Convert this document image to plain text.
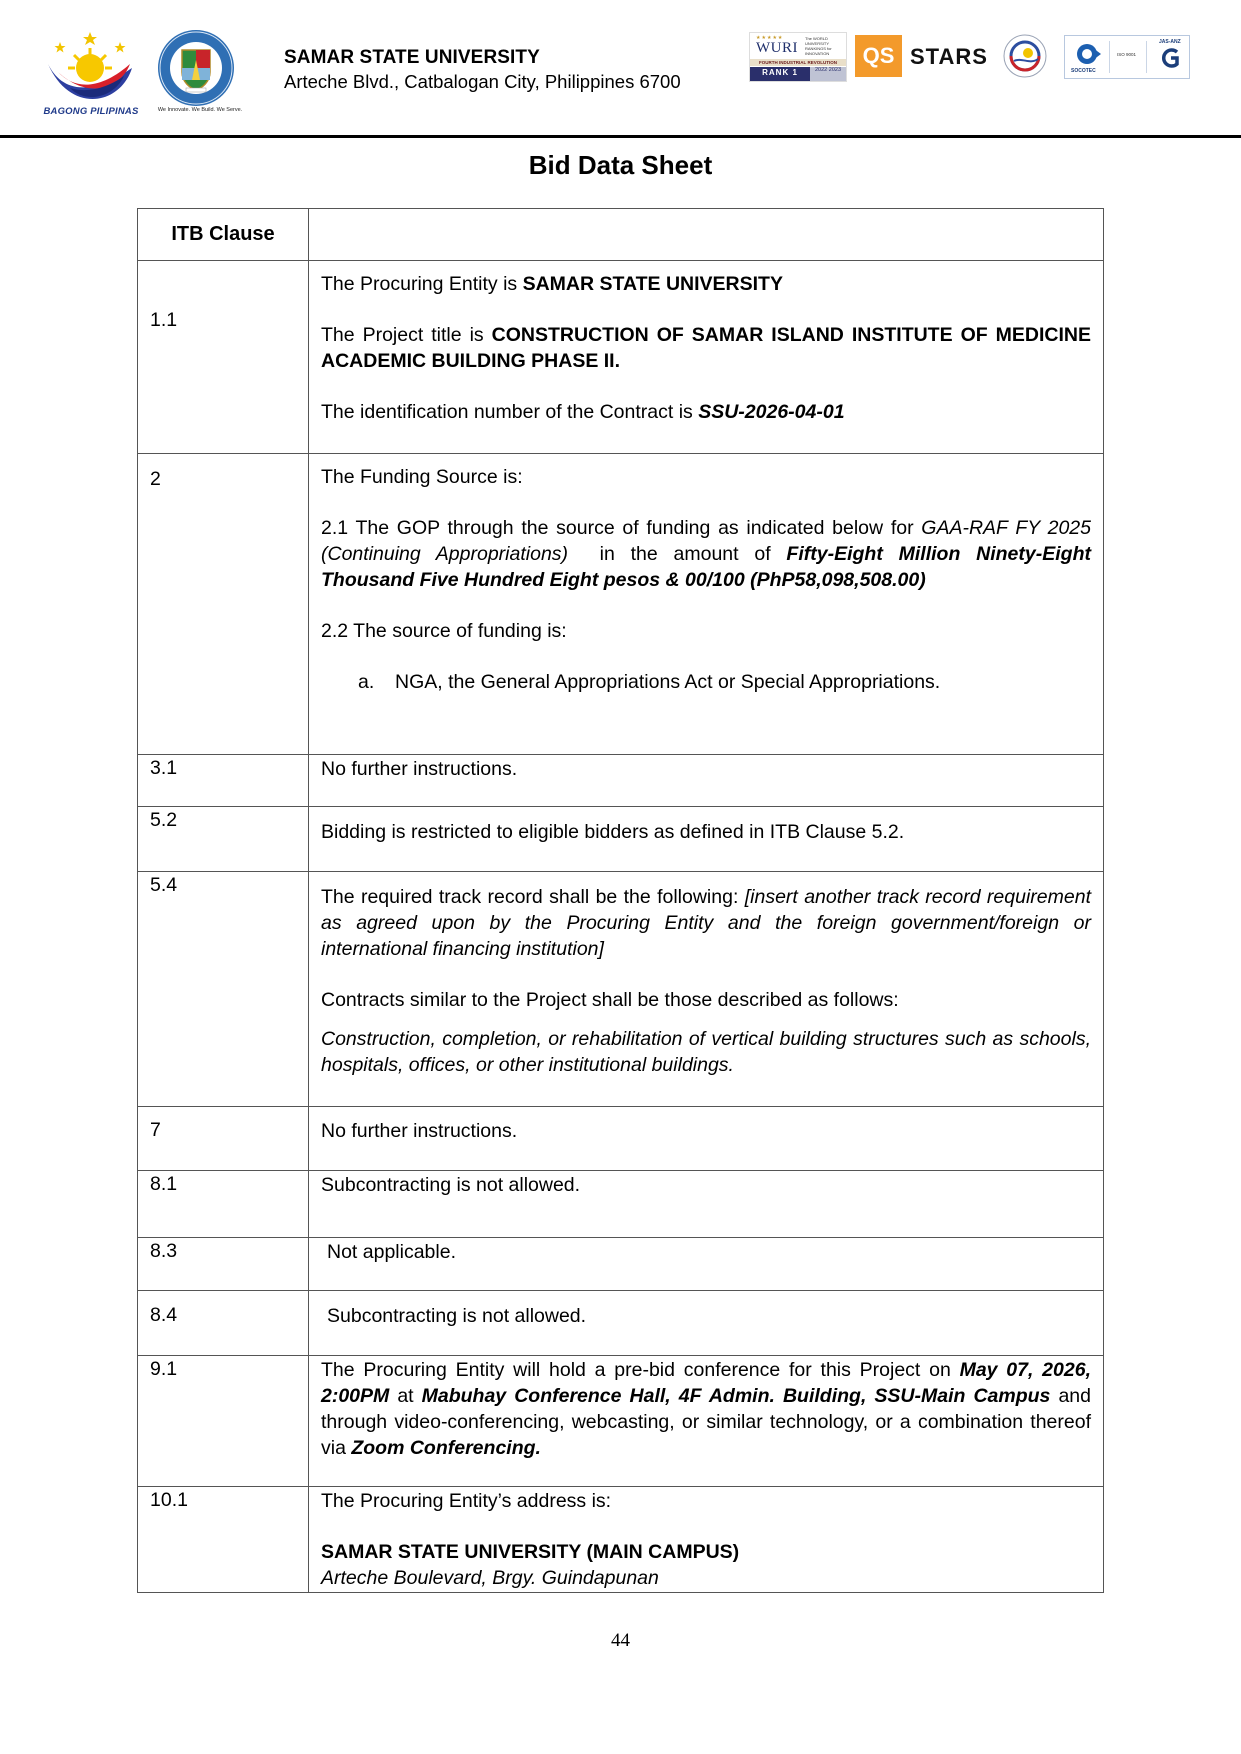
BAGONG PILIPINAS	We Innovate. We Build. We Serve.
SAMAR STATE UNIVERSITY
Arteche Blvd., Catbalogan City, Philippines 6700
★★★★★
WURI
The WORLD UNIVERSITY RANKINGS for INNOVATION
FOURTH INDUSTRIAL REVOLUTION
RANK 1	2022 2023
QS STARS
SOCOTEC
ISO 9001
JAS-ANZ
Bid Data Sheet
ITB Clause	
1.1	The Procuring Entity is SAMAR STATE UNIVERSITY

The Project title is CONSTRUCTION OF SAMAR ISLAND INSTITUTE OF MEDICINE ACADEMIC BUILDING PHASE II.

The identification number of the Contract is SSU-2026-04-01

2	The Funding Source is:

2.1 The GOP through the source of funding as indicated below for GAA-RAF FY 2025 (Continuing Appropriations)  in the amount of Fifty-Eight Million Ninety-Eight Thousand Five Hundred Eight pesos & 00/100 (PhP58,098,508.00)

2.2 The source of funding is:

a. NGA, the General Appropriations Act or Special Appropriations.

3.1	No further instructions.
5.2	Bidding is restricted to eligible bidders as defined in ITB Clause 5.2.
5.4	The required track record shall be the following: [insert another track record requirement as agreed upon by the Procuring Entity and the foreign government/foreign or international financing institution]

Contracts similar to the Project shall be those described as follows:

Construction, completion, or rehabilitation of vertical building structures such as schools, hospitals, offices, or other institutional buildings.

7	No further instructions.
8.1	Subcontracting is not allowed.
8.3	Not applicable.
8.4	Subcontracting is not allowed.
9.1	The Procuring Entity will hold a pre-bid conference for this Project on May 07, 2026, 2:00PM at Mabuhay Conference Hall, 4F Admin. Building, SSU-Main Campus and through video-conferencing, webcasting, or similar technology, or a combination thereof via Zoom Conferencing.

10.1	The Procuring Entity’s address is:

SAMAR STATE UNIVERSITY (MAIN CAMPUS)

Arteche Boulevard, Brgy. Guindapunan

44
